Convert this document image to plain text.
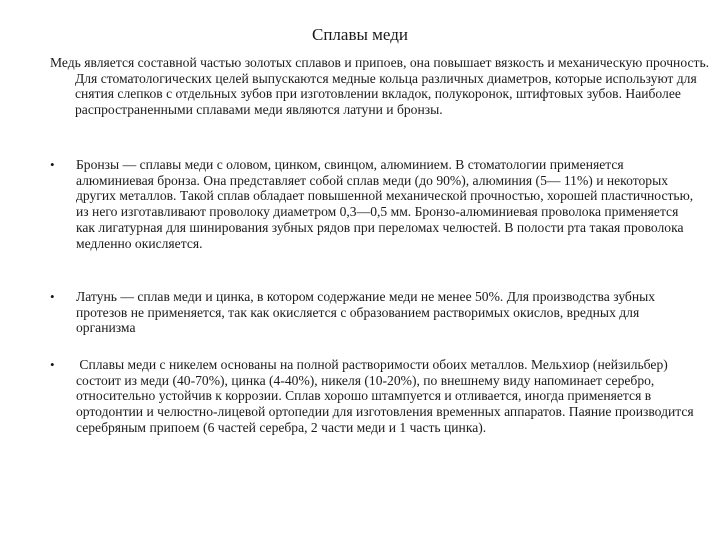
Сплавы меди
Медь является составной частью золотых сплавов и припоев, она повышает вязкость и механическую прочность. Для стоматологических целей выпускаются медные кольца различных диаметров, которые используют для снятия слепков с отдельных зубов при изготовлении вкладок, полукоронок, штифтовых зубов. Наиболее распространенными сплавами меди являются латуни и бронзы.
•	Бронзы — сплавы меди с оловом, цинком, свинцом, алюминием. В стоматологии применяется алюминиевая бронза. Она представляет собой сплав меди (до 90%), алюминия (5— 11%) и некоторых других металлов. Такой сплав обладает повышенной механической прочностью, хорошей пластичностью, из него изготавливают проволоку диаметром 0,3—0,5 мм. Бронзо-алюминиевая проволока применяется как лигатурная для шинирования зубных рядов при переломах челюстей. В полости рта такая проволока медленно окисляется.
•	Латунь — сплав меди и цинка, в котором содержание меди не менее 50%. Для производства зубных протезов не применяется, так как окисляется с образованием растворимых окислов, вредных для организма
•	Сплавы меди с никелем основаны на полной растворимости обоих металлов. Мельхиор (нейзильбер) состоит из меди (40-70%), цинка (4-40%), никеля (10-20%), по внешнему виду напоминает серебро, относительно устойчив к коррозии. Сплав хорошо штампуется и отливается, иногда применяется в ортодонтии и челюстно-лицевой ортопедии для изготовления временных аппаратов. Паяние производится серебряным припоем (6 частей серебра, 2 части меди и 1 часть цинка).
